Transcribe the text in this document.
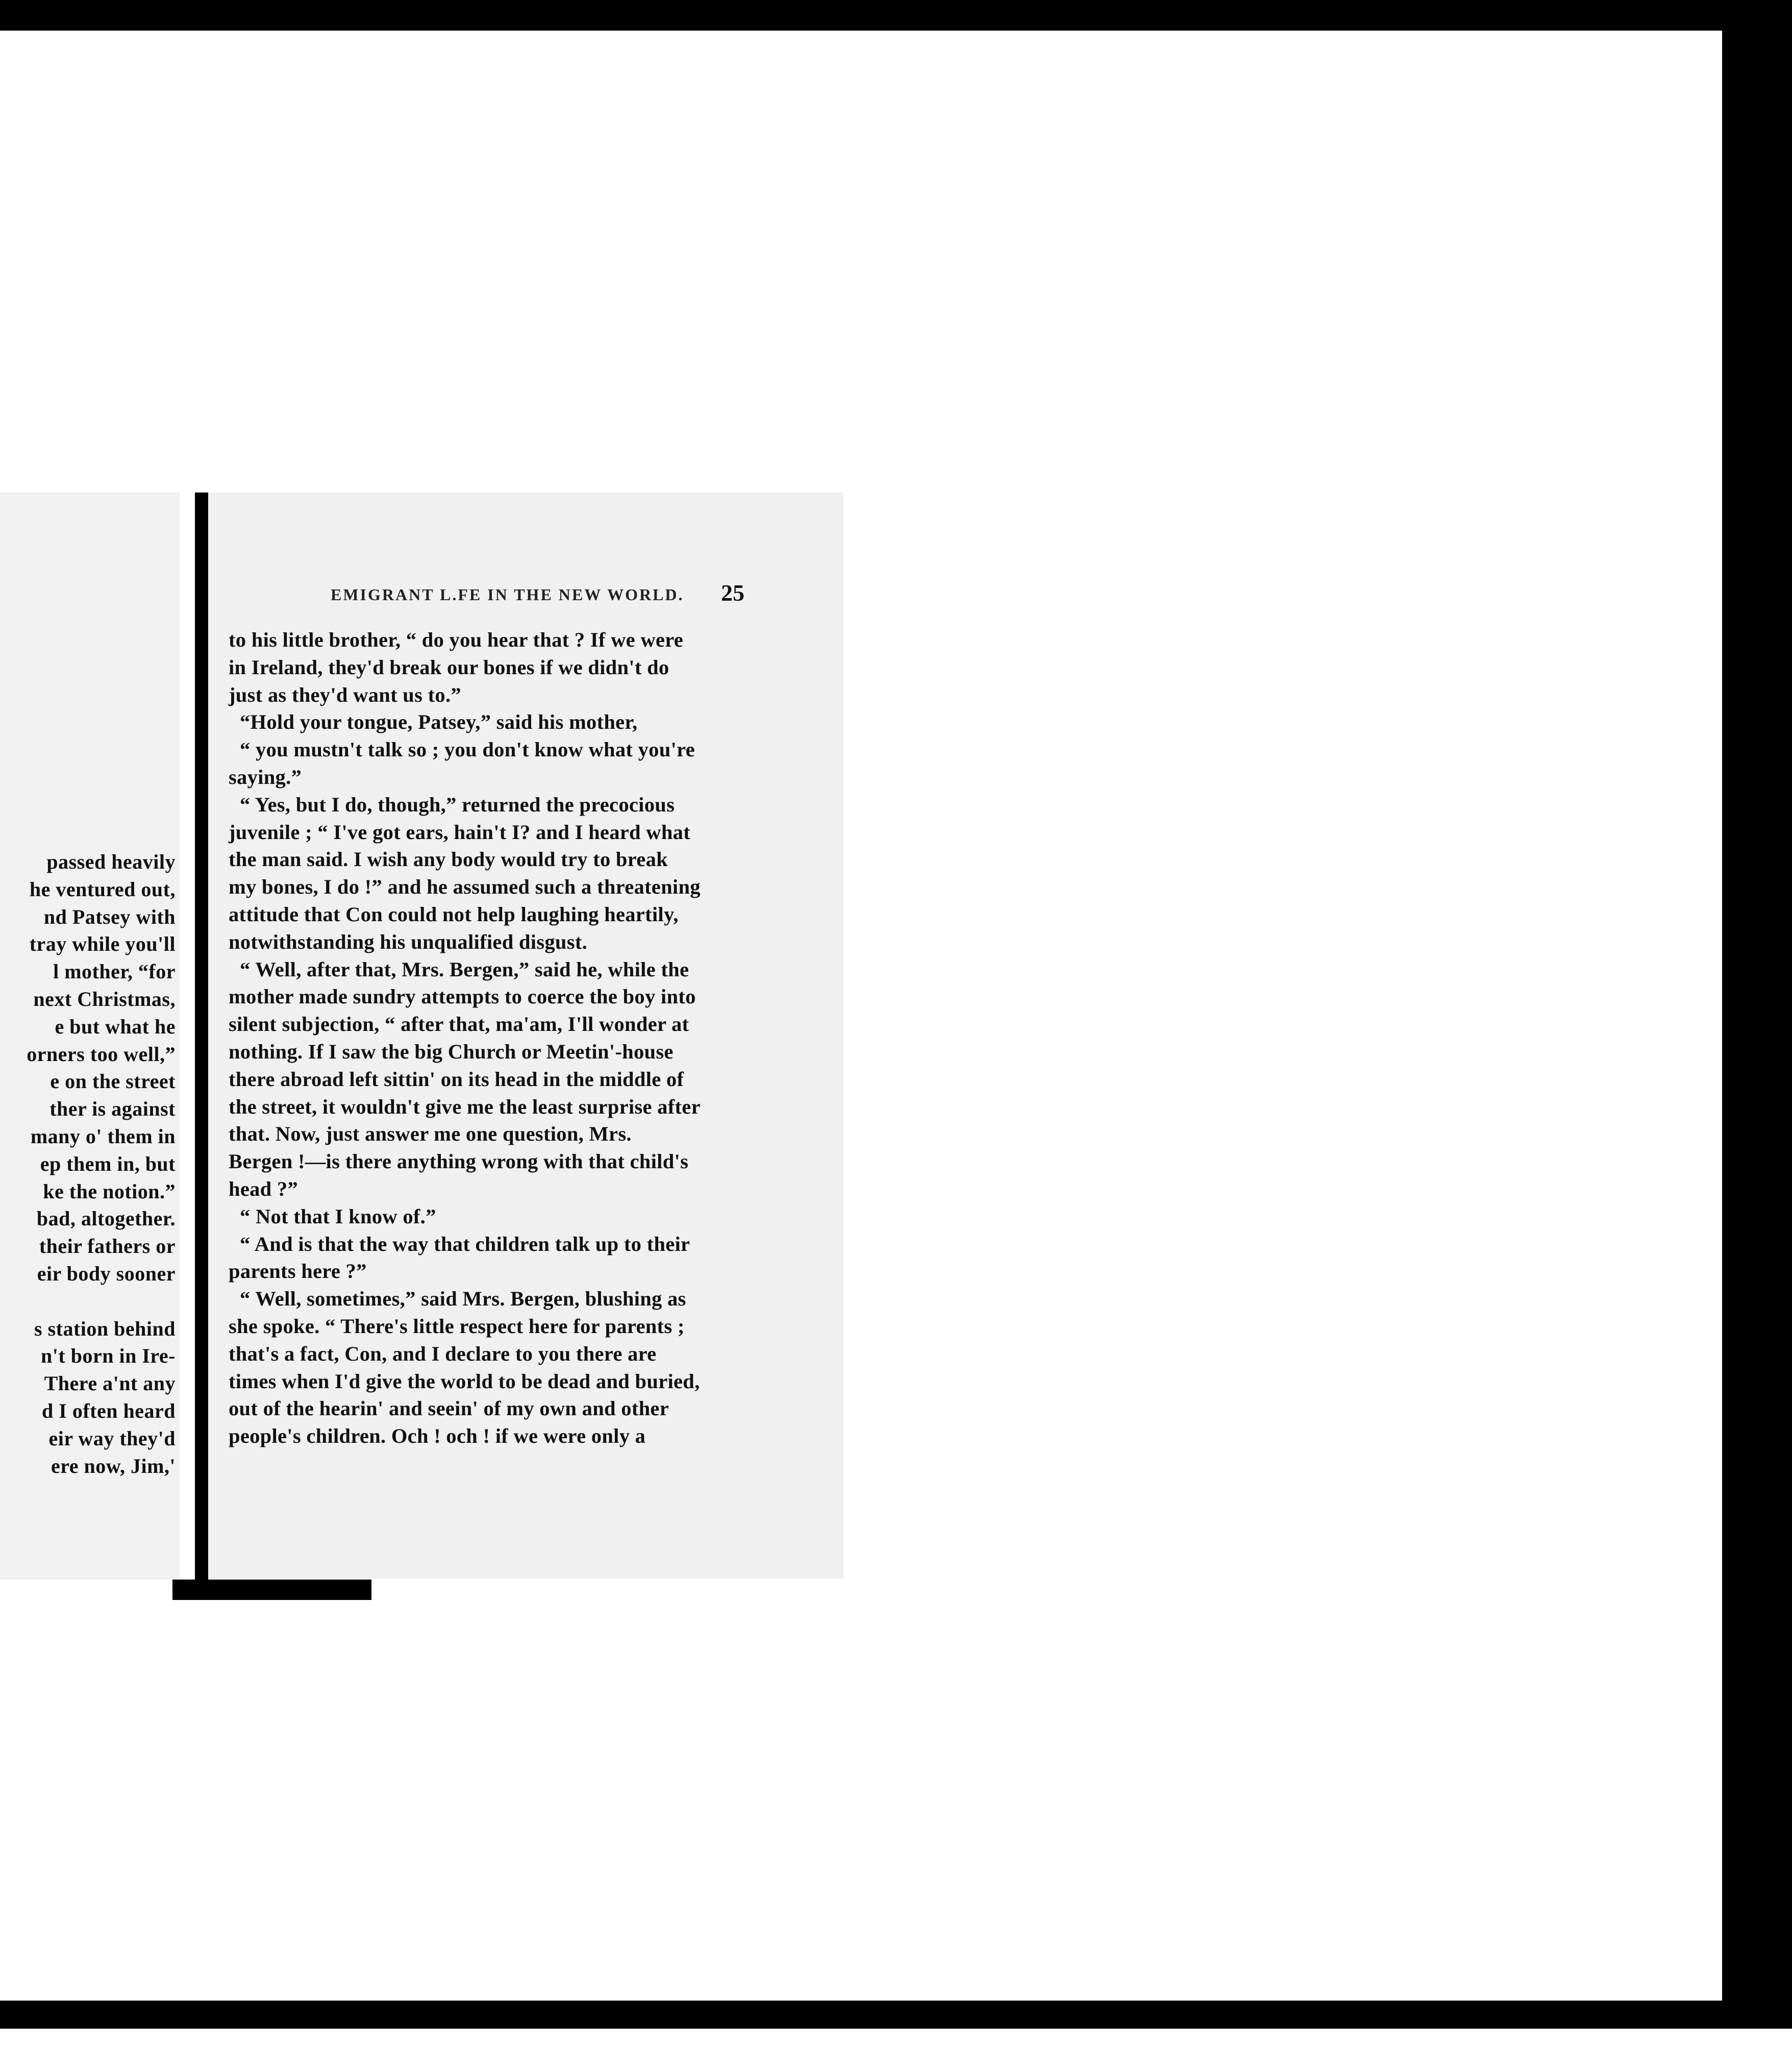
passed heavily
he ventured out,
nd Patsey with
tray while you'll
l mother, “for
next Christmas,
e but what he
orners too well,”
e on the street
ther is against
many o' them in
ep them in, but
ke the notion.”
bad, altogether.
their fathers or
eir body sooner
s station behind
n't born in Ire-
There a'nt any
d I often heard
eir way they'd
ere now, Jim,'
EMIGRANT L.FE IN THE NEW WORLD. 25
to his little brother, “ do you hear that ? If we were
in Ireland, they'd break our bones if we didn't do
just as they'd want us to.”
“Hold your tongue, Patsey,” said his mother,
“ you mustn't talk so ; you don't know what you're
saying.”
“ Yes, but I do, though,” returned the precocious
juvenile ; “ I've got ears, hain't I? and I heard what
the man said. I wish any body would try to break
my bones, I do !” and he assumed such a threatening
attitude that Con could not help laughing heartily,
notwithstanding his unqualified disgust.
“ Well, after that, Mrs. Bergen,” said he, while the
mother made sundry attempts to coerce the boy into
silent subjection, “ after that, ma'am, I'll wonder at
nothing. If I saw the big Church or Meetin'-house
there abroad left sittin' on its head in the middle of
the street, it wouldn't give me the least surprise after
that. Now, just answer me one question, Mrs.
Bergen !—is there anything wrong with that child's
head ?”
“ Not that I know of.”
“ And is that the way that children talk up to their
parents here ?”
“ Well, sometimes,” said Mrs. Bergen, blushing as
she spoke. “ There's little respect here for parents ;
that's a fact, Con, and I declare to you there are
times when I'd give the world to be dead and buried,
out of the hearin' and seein' of my own and other
people's children. Och ! och ! if we were only a
